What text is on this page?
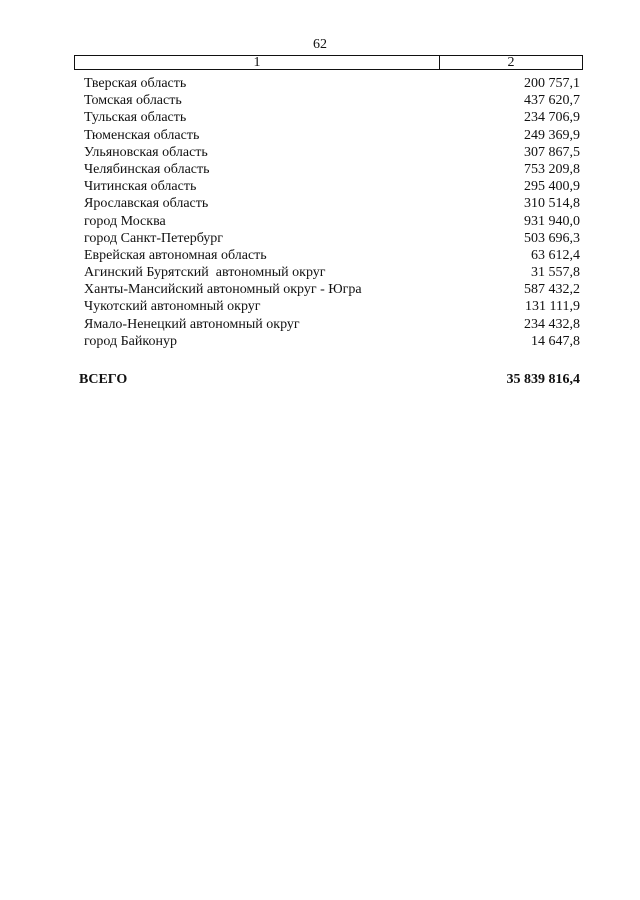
62
1	2
Тверская область	200 757,1
Томская область	437 620,7
Тульская область	234 706,9
Тюменская область	249 369,9
Ульяновская область	307 867,5
Челябинская область	753 209,8
Читинская область	295 400,9
Ярославская область	310 514,8
город Москва	931 940,0
город Санкт-Петербург	503 696,3
Еврейская автономная область	63 612,4
Агинский Бурятский  автономный округ	31 557,8
Ханты-Мансийский автономный округ - Югра	587 432,2
Чукотский автономный округ	131 111,9
Ямало-Ненецкий автономный округ	234 432,8
город Байконур	14 647,8
ВСЕГО	35 839 816,4
